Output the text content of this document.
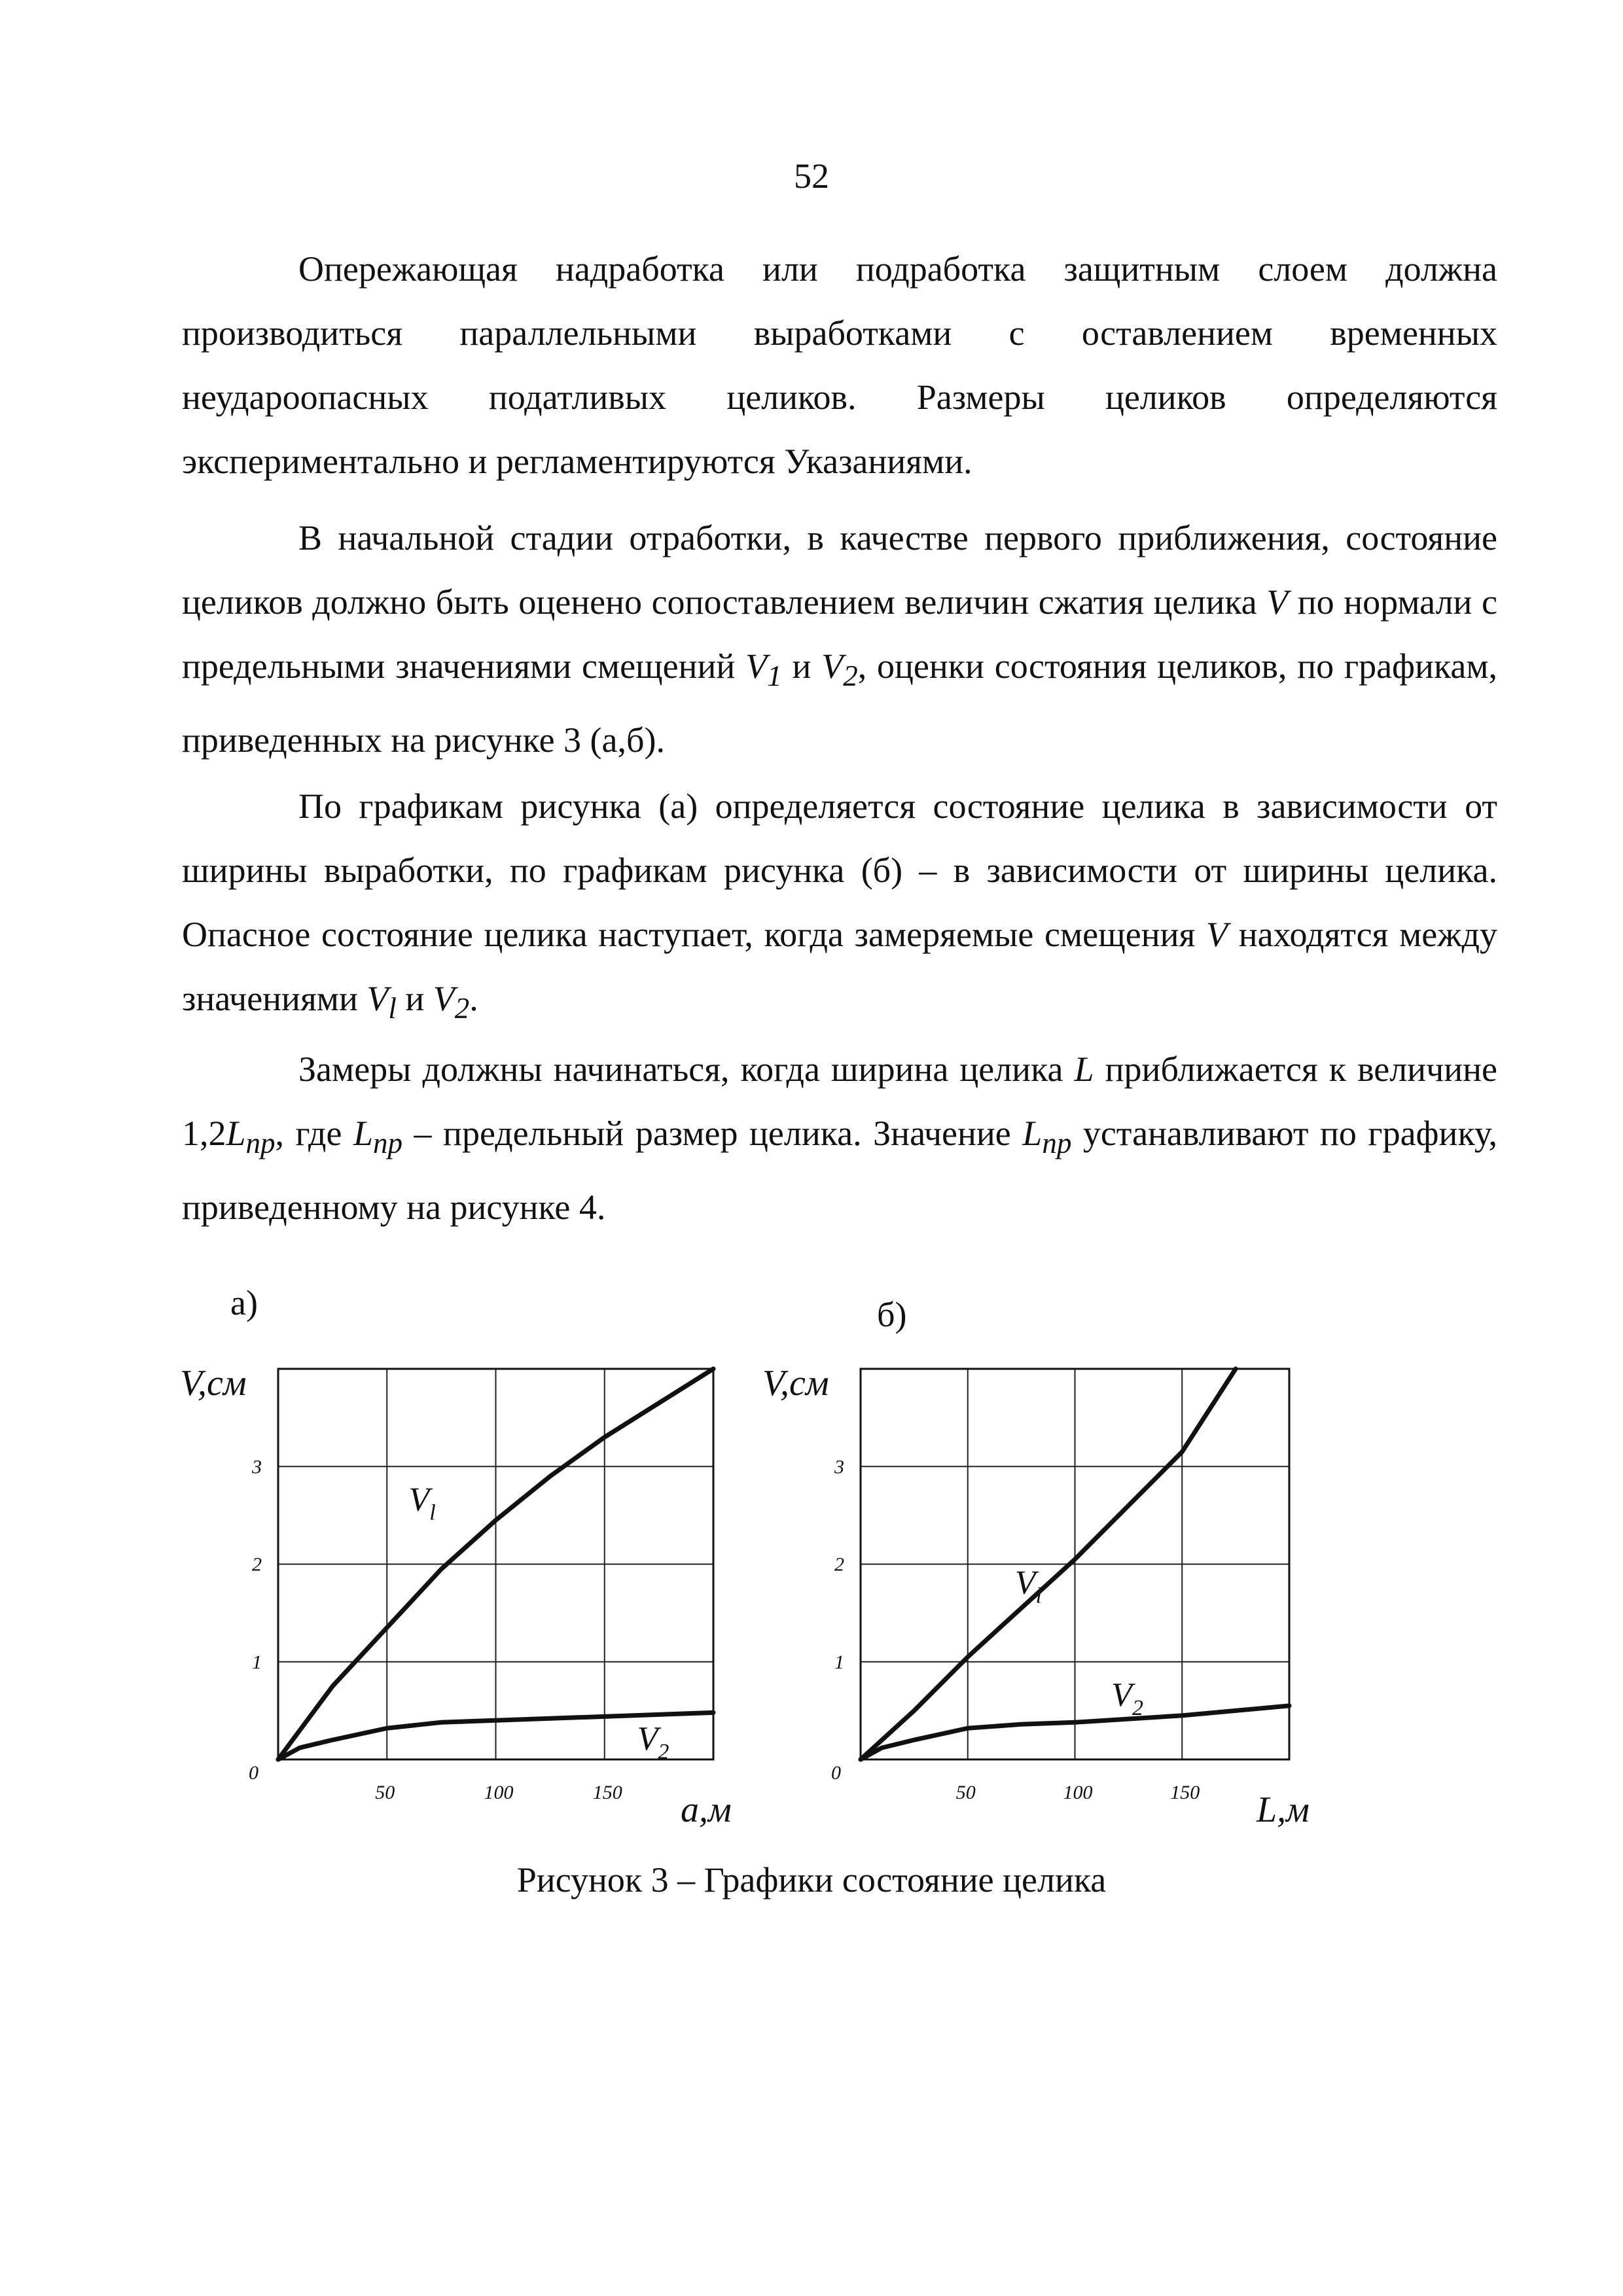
52

Опережающая надработка или подработка защитным слоем должна производиться параллельными выработками с оставлением временных неудароопасных податливых целиков. Размеры целиков определяются экспериментально и регламентируются Указаниями.

В начальной стадии отработки, в качестве первого приближения, состояние целиков должно быть оценено сопоставлением величин сжатия целика V по нормали с предельными значениями смещений $V_1$ и $V_2$, оценки состояния целиков, по графикам, приведенных на рисунке 3 (а,б).

По графикам рисунка (а) определяется состояние целика в зависимости от ширины выработки, по графикам рисунка (б) – в зависимости от ширины целика. Опасное состояние целика наступает, когда замеряемые смещения V находятся между значениями $V_l$ и $V_2$.

Замеры должны начинаться, когда ширина целика L приближается к величине $1,2L_{пр}$, где $L_{пр}$ – предельный размер целика. Значение $L_{пр}$ устанавливают по графику, приведенному на рисунке 4.

а)	б)
V,см
a,м
0
50	100	150
1
2
3
$V_l$
$V_2$
V,см
L,м
0
50	100	150
1
2
3
$V_l$
$V_2$
Рисунок 3 – Графики состояние целика
